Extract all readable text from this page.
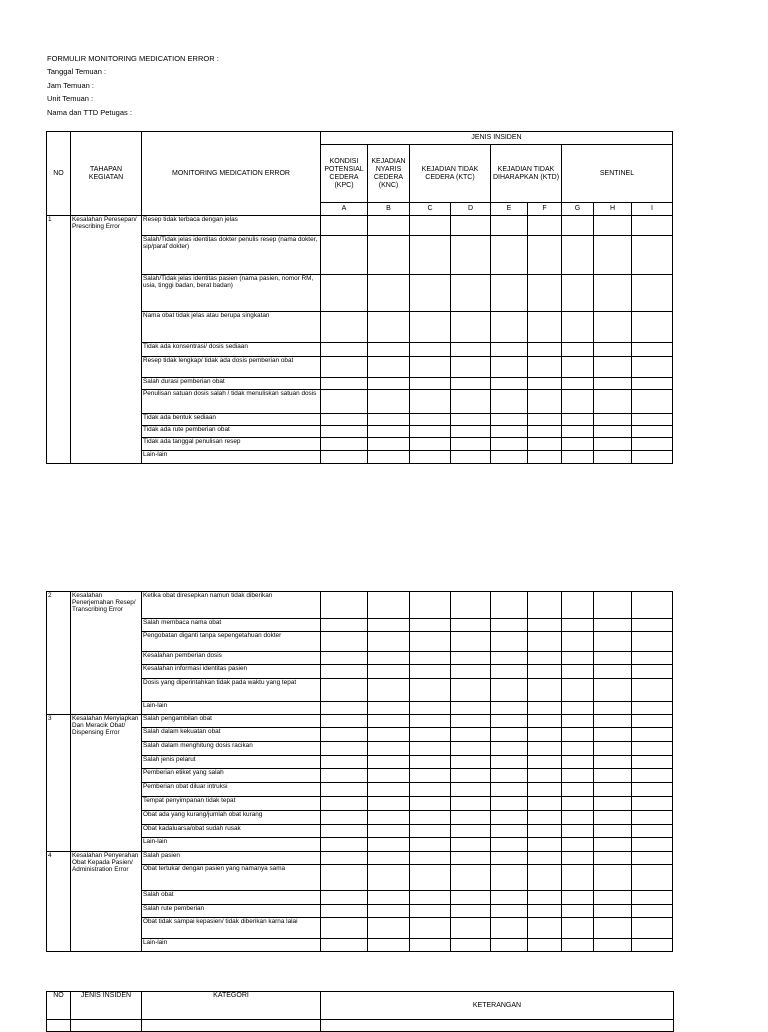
FORMULIR MONITORING MEDICATION ERROR :
Tanggal Temuan :
Jam Temuan :
Unit Temuan :
Nama dan TTD Petugas :
NO	TAHAPAN KEGIATAN	MONITORING MEDICATION ERROR	JENIS INSIDEN								
			KONDISI POTENSIAL CEDERA (KPC)	KEJADIAN NYARIS CEDERA (KNC)	KEJADIAN TIDAK CEDERA (KTC)		KEJADIAN TIDAK DIHARAPKAN (KTD)		SENTINEL		
			A	B	C	D	E	F	G	H	I
1	Kesalahan Peresepan/ Prescribing Error	Resep tidak terbaca dengan jelas									
		Salah/Tidak jelas identitas dokter penulis resep (nama dokter, sip/paraf dokter)									
		Salah/Tidak jelas identitas pasien (nama pasien, nomor RM, usia, tinggi badan, berat badan)									
		Nama obat tidak jelas atau berupa singkatan									
		Tidak ada konsentrasi/ dosis sediaan									
		Resep tidak lengkap/ tidak ada dosis pemberian obat									
		Salah durasi pemberian obat									
		Penulisan satuan dosis salah / tidak menuliskan satuan dosis									
		Tidak ada bentuk sediaan									
		Tidak ada rute pemberian obat									
		Tidak ada tanggal penulisan resep									
		Lain-lain									
2	Kesalahan Penerjemahan Resep/ Transcribing Error	Ketika obat diresepkan namun tidak diberikan									
		Salah membaca nama obat									
		Pengobatan diganti tanpa sepengetahuan dokter									
		Kesalahan pemberian dosis									
		Kesalahan informasi identitas pasien									
		Dosis yang diperintahkan tidak pada waktu yang tepat									
		Lain-lain									
3	Kesalahan Menyiapkan Dan Meracik Obat/ Dispensing Error	Salah pengambilan obat									
		Salah dalam kekuatan obat									
		Salah dalam menghitung dosis racikan									
		Salah jenis pelarut									
		Pemberian etiket yang salah									
		Pemberian obat diluar intruksi									
		Tempat penyimpanan tidak tepat									
		Obat ada yang kurang/jumlah obat kurang									
		Obat kadaluarsa/obat sudah rusak									
		Lain-lain									
4	Kesalahan Penyerahan Obat Kepada Pasien/ Administration Error	Salah pasien									
		Obat tertukar dengan pasien yang namanya sama									
		Salah obat									
		Salah rute pemberian									
		Obat tidak sampai kepasien/ tidak diberikan karna lalai									
		Lain-lain									
NO	JENIS INSIDEN	KATEGORI	KETERANGAN
